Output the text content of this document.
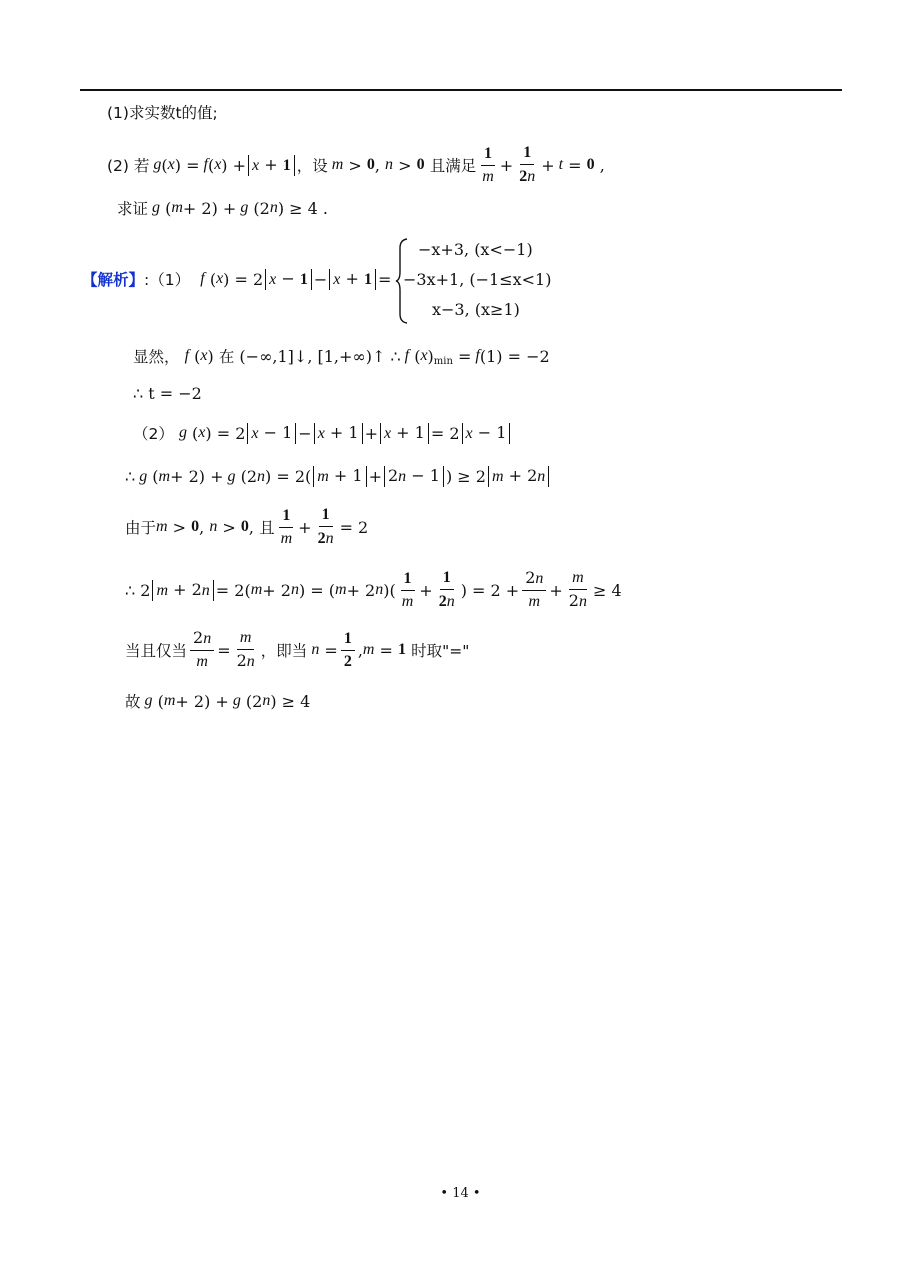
(1)求实数t的值;
(2) 若 g ( x ) = f ( x ) + x + 1 ，设 m > 0 , n > 0
且满足 $\frac{1}{m} + \frac{1}{2n} + t = 0$ ,
求证 g ( m + 2) + g (2 n ) ≥ 4 .
【解析】 :（1）
f ( x ) = 2 x − 1 − x + 1 =
−x+3, (x<−1)
−3x+1, (−1≤x<1)
x−3, (x≥1)
显然，
f ( x ) 在 (−∞,1]↓, [1,+∞)↑ ∴ f ( x ) min = f (1) = −2
∴ t = −2
（2）
g ( x ) = 2 x − 1 − x + 1 + x + 1 = 2 x − 1
∴ g ( m + 2) + g (2 n ) = 2( m + 1 + 2n − 1 ) ≥ 2 m + 2n
由于 m > 0 , n > 0 , 且 $\frac{1}{m} + \frac{1}{2n} = 2$
∴ 2 m + 2n = 2( m + 2 n ) = ( m + 2 n )( $\frac{1}{m} + \frac{1}{2n}$ ) = $2 + \frac{2n}{m} + \frac{m}{2n} \ge 4$
当且仅当 $\frac{2n}{m} = \frac{m}{2n}$ ，即当 $n = \frac{1}{2}$ , m = 1
时取"="
故 g ( m + 2) + g (2 n ) ≥ 4
• 14 •
